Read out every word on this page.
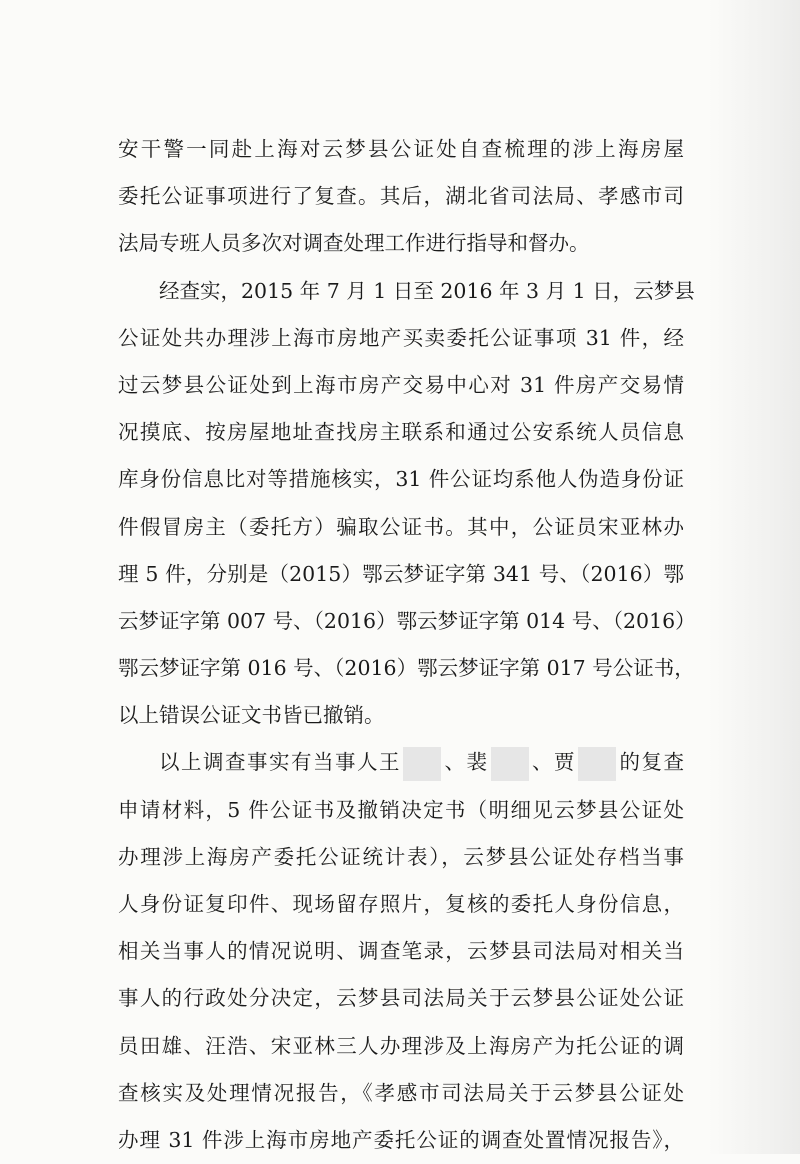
安干警一同赴上海对云梦县公证处自查梳理的涉上海房屋
委托公证事项进行了复查。其后，湖北省司法局、孝感市司
法局专班人员多次对调查处理工作进行指导和督办。
经查实，2015 年 7 月 1 日至 2016 年 3 月 1 日，云梦县
公证处共办理涉上海市房地产买卖委托公证事项 31 件，经
过云梦县公证处到上海市房产交易中心对 31 件房产交易情
况摸底、按房屋地址查找房主联系和通过公安系统人员信息
库身份信息比对等措施核实，31 件公证均系他人伪造身份证
件假冒房主（委托方）骗取公证书。其中，公证员宋亚林办
理 5 件，分别是（2015）鄂云梦证字第 341 号、（2016）鄂
云梦证字第 007 号、（2016）鄂云梦证字第 014 号、（2016）
鄂云梦证字第 016 号、（2016）鄂云梦证字第 017 号公证书，
以上错误公证文书皆已撤销。
以上调查事实有当事人王 、裴 、贾 的复查
申请材料，5 件公证书及撤销决定书（明细见云梦县公证处
办理涉上海房产委托公证统计表），云梦县公证处存档当事
人身份证复印件、现场留存照片，复核的委托人身份信息，
相关当事人的情况说明、调查笔录，云梦县司法局对相关当
事人的行政处分决定，云梦县司法局关于云梦县公证处公证
员田雄、汪浩、宋亚林三人办理涉及上海房产为托公证的调
查核实及处理情况报告，《孝感市司法局关于云梦县公证处
办理 31 件涉上海市房地产委托公证的调查处置情况报告》，
